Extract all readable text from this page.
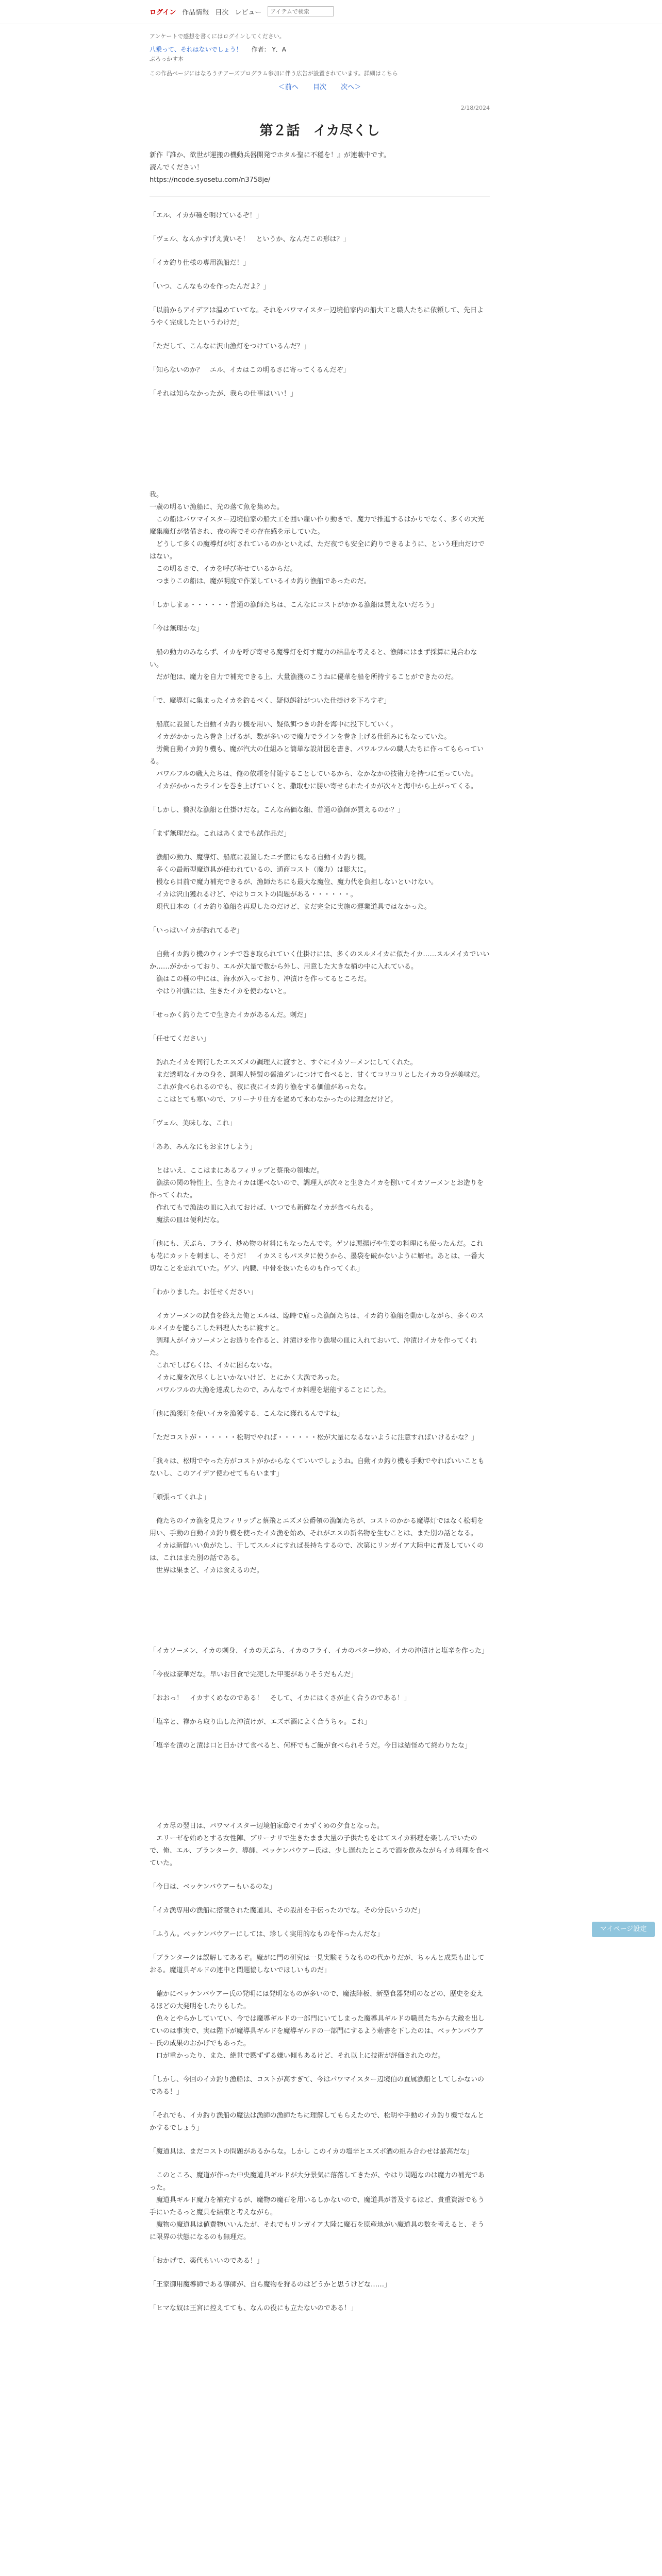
ログイン 作品情報 目次 レビュー
アイテムで検索
アンケートで感想を書くにはログインしてください。
八乗って、それはないでしょう！ 作者： Y．A
ぶろっかす本
この作品ページにはなろうチアーズプログラム参加に伴う広告が設置されています。詳細はこちら
＜前へ 目次 次へ＞
2/18/2024
第２話　イカ尽くし
新作『誰か、欲世が運搬の機動兵器開発でホタル聖に不穏を！』が連載中です。
読んでください！
https://ncode.syosetu.com/n3758je/
「エル、イカが種を明けているぞ！」
「ヴェル、なんかすげえ黄いそ！　というか、なんだこの形は？」
「イカ釣り仕様の専用漁船だ！」
「いつ、こんなものを作ったんだよ？」
「以前からアイデアは温めていてな。それをパワマイスター辺境伯家内の船大工と職人たちに依頼して、先日ようやく完成したというわけだ」
「ただして、こんなに沢山漁灯をつけているんだ？」
「知らないのか？　エル、イカはこの明るさに寄ってくるんだぞ」
「それは知らなかったが、我らの仕事はいい！」
我。
一歳の明るい漁船に、光の落て魚を集めた。
　この船はパワマイスター辺境伯家の船大工を囲い雇い作り動きで、魔力で推進するはかりでなく、多くの大光魔集魔灯が装備され、夜の海でその存在感を示していた。
　どうして多くの魔導灯が灯されているのかといえば、ただ夜でも安全に釣りできるように、という理由だけではない。
　この明るさで、イカを呼び寄せているからだ。
　つまりこの船は、魔が明度で作業しているイカ釣り漁船であったのだ。
「しかしまぁ・・・・・・普通の漁師たちは、こんなにコストがかかる漁船は買えないだろう」
「今は無理かな」
　船の動力のみならず、イカを呼び寄せる魔導灯を灯す魔力の結晶を考えると、漁師にはまず採算に見合わない。
　だが他は、魔力を自力で補充できる上、大量漁獲のこうねに優華を船を所持することができたのだ。
「で、魔導灯に集まったイカを釣るべく、疑似餌針がついた仕掛けを下ろすぞ」
　船底に設置した自動イカ釣り機を用い、疑似餌つきの針を海中に投下していく。
　イカがかかったら巻き上げるが、数が多いので魔力でラインを巻き上げる仕組みにもなっていた。
　労働自動イカ釣り機も、魔が汽大の仕組みと簡単な設計図を書き、パワルフルの職人たちに作ってもらっている。
　パワルフルの職人たちは、俺の依頼を付随することしているから、なかなかの技術力を持つに至っていた。
　イカがかかったラインを巻き上げていくと、撒取むに勝い寄せられたイカが次々と海中から上がってくる。
「しかし、贅沢な漁船と仕掛けだな。こんな高価な船、普通の漁師が買えるのか？」
「まず無理だね。これはあくまでも試作品だ」
　漁船の動力、魔導灯、船底に設置したニチ箇にもなる自動イカ釣り機。
　多くの最新型魔道具が使われているの、通商コスト（魔力）は膨大に。
　慢なら目前で魔力補充できるが、漁師たちにも最大な魔位、魔力代を負担しないといけない。
　イカは沢山獲れるけど、やはりコストの問題がある・・・・・・。
　現代日本の（イカ釣り漁船を再現したのだけど、まだ完全に実施の運業道具ではなかった。
「いっぱいイカが釣れてるぞ」
　自動イカ釣り機のウィンチで巻き取られていく仕掛けには、多くのスルメイカに似たイカ……スルメイカでいいか……がかかっており、エルが大量で数から外し、用意した大きな桶の中に入れている。
　漁はこの桶の中には、海水が入っており、冲漬けを作ってるところだ。
　やはり冲漬には、生きたイカを使わないと。
「せっかく釣りたてで生きたイカがあるんだ。刺だ」
「任せてください」
　釣れたイカを同行したエスズメの調理人に渡すと、すぐにイカソーメンにしてくれた。
　まだ透明なイカの身を、調理人特製の醤油ダレにつけて食べると、甘くてコリコリとしたイカの身が美味だ。
　これが食べられるのでも、夜に夜にイカ釣り漁をする価値があったな。
　ここはとても寒いので、フリーナリ仕方を過めて氷わなかったのは理念だけど。
「ヴェル、美味しな、これ」
「ああ、みんなにもおまけしよう」
　とはいえ、ここはまにあるフィリップと蔡飛の領地だ。
　漁法の関の特性上、生きたイカは運べないので、調理人が次々と生きたイカを捌いてイカソーメンとお造りを作ってくれた。
　作れてもで漁法の皿に入れておけば、いつでも新鮮なイカが食べられる。
　魔法の皿は便利だな。
「他にも、天ぷら、フライ、炒め物の材料にもなったんです。ゲソは悪揚げや生姜の料理にも使ったんだ。これも花にカットを刺まし、そうだ！　イカスミもパスタに使うから、墨袋を破かないように解せ。あとは、一番大切なことを忘れていた。ゲソ、内臓、中骨を抜いたものも作ってくれ」
「わかりました。お任せください」
　イカソーメンの試食を終えた俺とエルは、臨時で雇った漁師たちは、イカ釣り漁船を動かしながら、多くのスルメイカを籠らこした料理人たちに渡すと。
　調理人がイカソーメンとお造りを作ると、沖漬けを作り漁場の皿に入れておいて、沖漬けイカを作ってくれた。
　これでしばらくは、イカに困らないな。
　イカに魔を次尽くしといかないけど、とにかく大漁であった。
　パワルフルの大漁を達成したので、みんなでイカ料理を堪能することにした。
「他に漁獲灯を使いイカを漁獲する、こんなに獲れるんですね」
「ただコストが・・・・・・松明でやれば・・・・・・松が大量になるないように注意すればいけるかな？」
「我々は、松明でやった方がコストがかからなくていいでしょうね。自動イカ釣り機も手動でやればいいこともないし、このアイデア使わせてもらいます」
「頑張ってくれよ」
　俺たちのイカ漁を見たフィリップと蔡飛とエズメ公爵領の漁師たちが、コストのかかる魔導灯ではなく松明を用い、手動の自動イカ釣り機を使ったイカ漁を始め、それがエスの新名物を生むことは、また別の話となる。
　イカは新鮮いい魚がたし、干してスルメにすれば長持ちするので、次第にリンガイア大陸中に普及していくのは、これはまた別の話である。
　世界は果まど、イカは食えるのだ。
「イカソーメン、イカの刺身、イカの天ぷら、イカのフライ、イカのバター炒め、イカの沖漬けと塩辛を作った」
「今夜は豪華だな。早いお日食で完売した甲斐がありそうだもんだ」
「おおっ！　イカすくめなのである！　そして、イカにはくさが止く合うのである！」
「塩辛と、襷から取り出した沖漬けが、エズボ酒によく合うちゃ。これ」
「塩辛を漬のと漬は口と日かけて食べると、何杯でもご飯が食べられそうだ。今日は結怪めて終わりたな」
　イカ尽の翌日は、パワマイスター辺境伯家邸でイカずくめの夕食となった。
　エリーゼを始めとする女性陣、ブリーナリで生きたまま大量の子供たちをはてスイカ料理を楽しんでいたので、俺、エル、ブランターク、導師、ベッケンバウアー氏は、少し遅れたところで酒を飲みながらイカ料理を食べていた。
「今日は、ベッケンバウアーもいるのな」
「イカ漁専用の漁船に搭載された魔道具、その設計を手伝ったのでな。その分良いうのだ」
「ふうん。ベッケンバウアーにしては、珍しく実用的なものを作ったんだな」
「ブランタークは誤解してあるぞ。魔がに門の研究は一見実験そうなものの代かりだが、ちゃんと成果も出しておる。魔道具ギルドの連中と問題協しないでほしいものだ」
　確かにベッケンバウアー氏の発明には発明なものが多いので、魔法陣板、新型食器発明のなどの、歴史を変えるほどの大発明をしたりもした。
　色々とやらかしていてい、今では魔導ギルドの一部門にいてしまった魔導具ギルドの職員たちから大敵を出していのは事実で、実は陛下が魔導具ギルドを魔導ギルドの一部門にするよう勅書を下したのは、ベッケンバウアー氏の成果のおかげでもあった。
　口が重かったり、また、絶世で黙ずずる嫌い傾もあるけど、それ以上に技術が評価されたのだ。
「しかし、今回のイカ釣り漁船は、コストが高すぎて、今はパワマイスター辺境伯の直属漁船としてしかないのである！」
「それでも、イカ釣り漁船の魔法は漁師の漁師たちに理解してもらえたので、松明や手動のイカ釣り機でなんとかするでしょう」
「魔道具は、まだコストの問題があるからな。しかし このイカの塩辛とエズボ酒の組み合わせは最高だな」
　このところ、魔道が作った中央魔道具ギルドが大分景気に落落してきたが、やはり問題なのは魔力の補充であった。
　魔道具ギルド魔力を補充するが、魔物の魔石を用いるしかないので、魔道具が普及するほど、貴重資源でもう手にいたるっと魔具を結束と考えながら。
　魔物の魔道具は値費物いいんたが、それでもリンガイア大陸に魔石を原産地がい魔道具の数を考えると、そうに限界の状態になるのも無理だ。
「おかげで、薬代もいいのである！」
「王家御用魔導師である導師が、自ら魔物を狩るのはどうかと思うけどな……」
「ヒマな奴は王宮に控えてても、なんの役にも立たないのである！」
マイページ設定
